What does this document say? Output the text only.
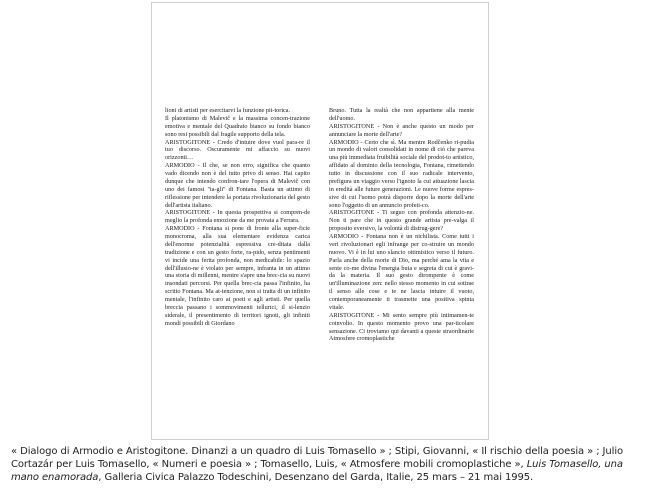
lioni di artisti per esercitarvi la funzione pit-torica.

Il platonismo di Malevič e la massima concen-trazione emotiva e mentale del Quadrato bianco su fondo bianco sono resi possibili dal fragile supporto della tela.

ARISTOGITONE - Credo d'intuire dove vuol para-re il tuo discorso. Oscuramente mi affaccio su nuovi orizzonti…

ARMODIO - Il che, se non erro, significa che quanto vado dicendo non è del tutto privo di senso. Hai capito dunque che intendo confron-tare l'opera di Malevič con uno dei famosi "ta-gli" di Fontana. Basta un attimo di riflessione per intendere la portata rivoluzionaria del gesto dell'artista italiano.

ARISTOGITONE - In questa prospettiva si compren-de meglio la profonda emozione da me provata a Ferrara.

ARMODIO - Fontana si pone di fronte alla super-ficie monocroma, alla sua elementare evidenza carica dell'enorme potenzialità espressiva cre-ditata dalla tradizione e con un gesto forte, ra-pido, senza pentimenti vi incide una ferita profonda, non medicabile: lo spazio dell'illusio-ne è violato per sempre, infranta in un attimo una storia di millenni, mentre s'apre una brec-cia su nuovi insondati percorsi. Per quella brec-cia passa l'infinito, ha scritto Fontana. Ma at-tenzione, non si tratta di un infinito mentale, l'infinito caro ai poeti e agli artisti. Per quella breccia passano i sommovimenti tellurici, il si-lenzio siderale, il presentimento di territori ignoti, gli infiniti mondi possibili di Giordano

Bruno. Tutta la realtà che non appartiene alla mente dell'uomo.

ARISTOGITONE - Non è anche questo un modo per annunciare la morte dell'arte?

ARMODIO - Certo che sì. Ma mentre Rodčenko ri-pudia un mondo di valori consolidati in nome di ciò che pareva una più immediata fruibilità sociale del prodot-to artistico, affidato al dominio della tecnologia, Fontana, rimettendo tutto in discussione con il suo radicale intervento, prefigura un viaggio verso l'ignoto la cui attuazione lascia in eredità alle future generazioni. Le nuove forme espres-sive di cui l'uomo potrà disporre dopo la morte dell'arte sono l'oggetto di un annuncio profeti-co.

ARISTOGITONE - Ti seguo con profonda attenzio-ne. Non ti pare che in questo grande artista pre-valga il proposito eversivo, la volontà di distrug-gere?

ARMODIO - Fontana non è un nichilista. Come tutti i veri rivoluzionari egli infrange per co-struire un mondo nuovo. Vi è in lui uno slancio ottimistico verso il futuro. Parla anche della morte di Dio, ma perché ama la vita e sente co-me divina l'energia buia e segreta di cui è gravi-da la materia. Il suo gesto dirompente è come un'illuminazione zen: nello stesso momento in cui sottrae il senso alle cose e te ne lascia intuire il vuoto, contemporaneamente ti trasmette una positiva spinta vitale.

ARISTOGITONE - Mi sento sempre più intimamen-te coinvolto. In questo momento provo una par-ticolare sensazione. Ci troviamo qui davanti a queste straordinarie Atmosfere cromoplastiche

« Dialogo di Armodio e Aristogitone. Dinanzi a un quadro di Luis Tomasello » ; Stipi, Giovanni, « Il rischio della poesia » ; Julio Cortazár per Luis Tomasello, « Numeri e poesia » ; Tomasello, Luis, « Atmosfere mobili cromoplastiche », Luis Tomasello, una mano enamorada, Galleria Civica Palazzo Todeschini, Desenzano del Garda, Italie, 25 mars – 21 mai 1995.
